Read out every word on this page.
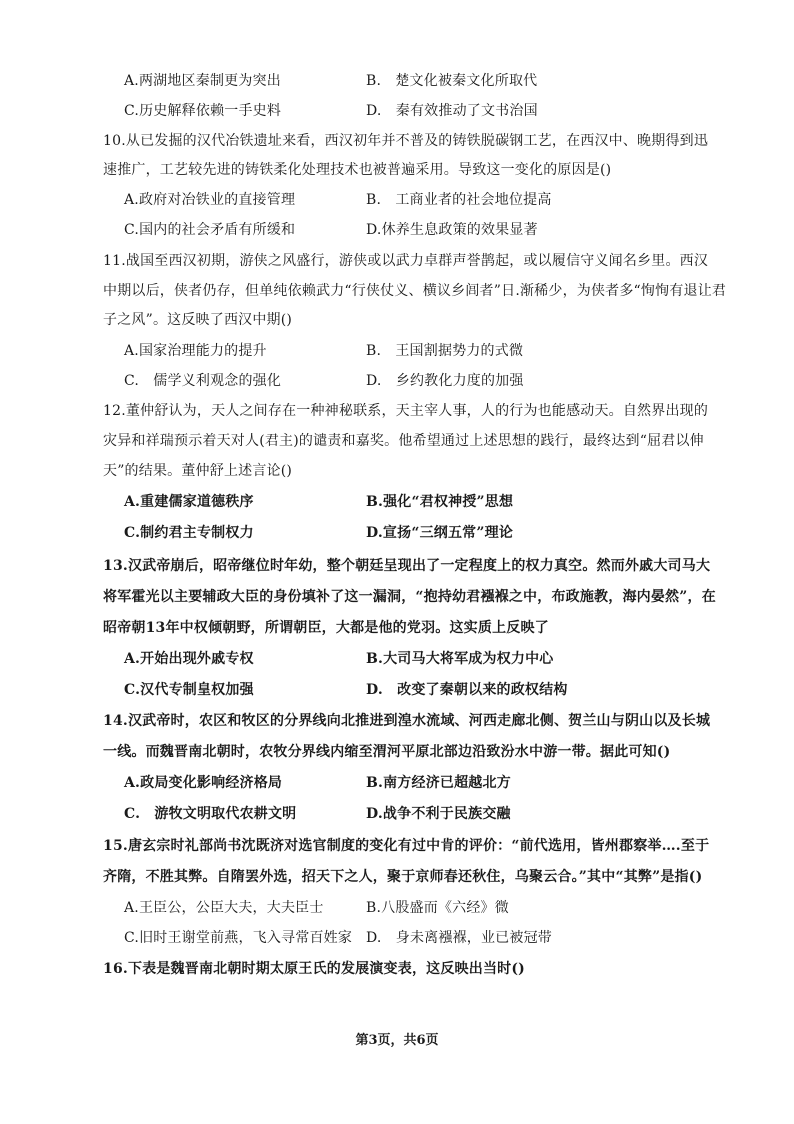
A.两湖地区秦制更为突出	B.　楚文化被秦文化所取代
C.历史解释依赖一手史料	D.　秦有效推动了文书治国
10.从已发掘的汉代冶铁遗址来看，西汉初年并不普及的铸铁脱碳钢工艺，在西汉中、晚期得到迅
速推广，工艺较先进的铸铁柔化处理技术也被普遍采用。导致这一变化的原因是()
A.政府对冶铁业的直接管理	B.　工商业者的社会地位提高
C.国内的社会矛盾有所缓和	D.休养生息政策的效果显著
11.战国至西汉初期，游侠之风盛行，游侠或以武力卓群声誉鹊起，或以履信守义闻名乡里。西汉
中期以后，侠者仍存，但单纯依赖武力“行侠仗义、横议乡闾者”日.渐稀少，为侠者多“恂恂有退让君
子之风”。这反映了西汉中期()
A.国家治理能力的提升	B.　王国割据势力的式微
C.　儒学义利观念的强化	D.　乡约教化力度的加强
12.董仲舒认为，天人之间存在一种神秘联系，天主宰人事，人的行为也能感动天。自然界出现的
灾异和祥瑞预示着天对人(君主)的谴责和嘉奖。他希望通过上述思想的践行，最终达到“屈君以伸
天”的结果。董仲舒上述言论()
A.重建儒家道德秩序	B.强化“君权神授”思想
C.制约君主专制权力	D.宣扬“三纲五常”理论
13.汉武帝崩后，昭帝继位时年幼，整个朝廷呈现出了一定程度上的权力真空。然而外戚大司马大
将军霍光以主要辅政大臣的身份填补了这一漏洞，“抱持幼君襁褓之中，布政施教，海内晏然”，在
昭帝朝13年中权倾朝野，所谓朝臣，大都是他的党羽。这实质上反映了
A.开始出现外戚专权	B.大司马大将军成为权力中心
C.汉代专制皇权加强	D.　改变了秦朝以来的政权结构
14.汉武帝时，农区和牧区的分界线向北推进到湟水流域、河西走廊北侧、贺兰山与阴山以及长城
一线。而魏晋南北朝时，农牧分界线内缩至渭河平原北部边沿致汾水中游一带。据此可知()
A.政局变化影响经济格局	B.南方经济已超越北方
C.　游牧文明取代农耕文明	D.战争不利于民族交融
15.唐玄宗时礼部尚书沈既济对选官制度的变化有过中肯的评价：“前代选用，皆州郡察举….至于
齐隋，不胜其弊。自隋罢外选，招天下之人，聚于京师春还秋住，乌聚云合。”其中“其弊”是指()
A.王臣公，公臣大夫，大夫臣士	B.八股盛而《六经》微
C.旧时王谢堂前燕，飞入寻常百姓家 D.　身未离襁褓，业已被冠带
16.下表是魏晋南北朝时期太原王氏的发展演变表，这反映出当时()
第3页，共6页
